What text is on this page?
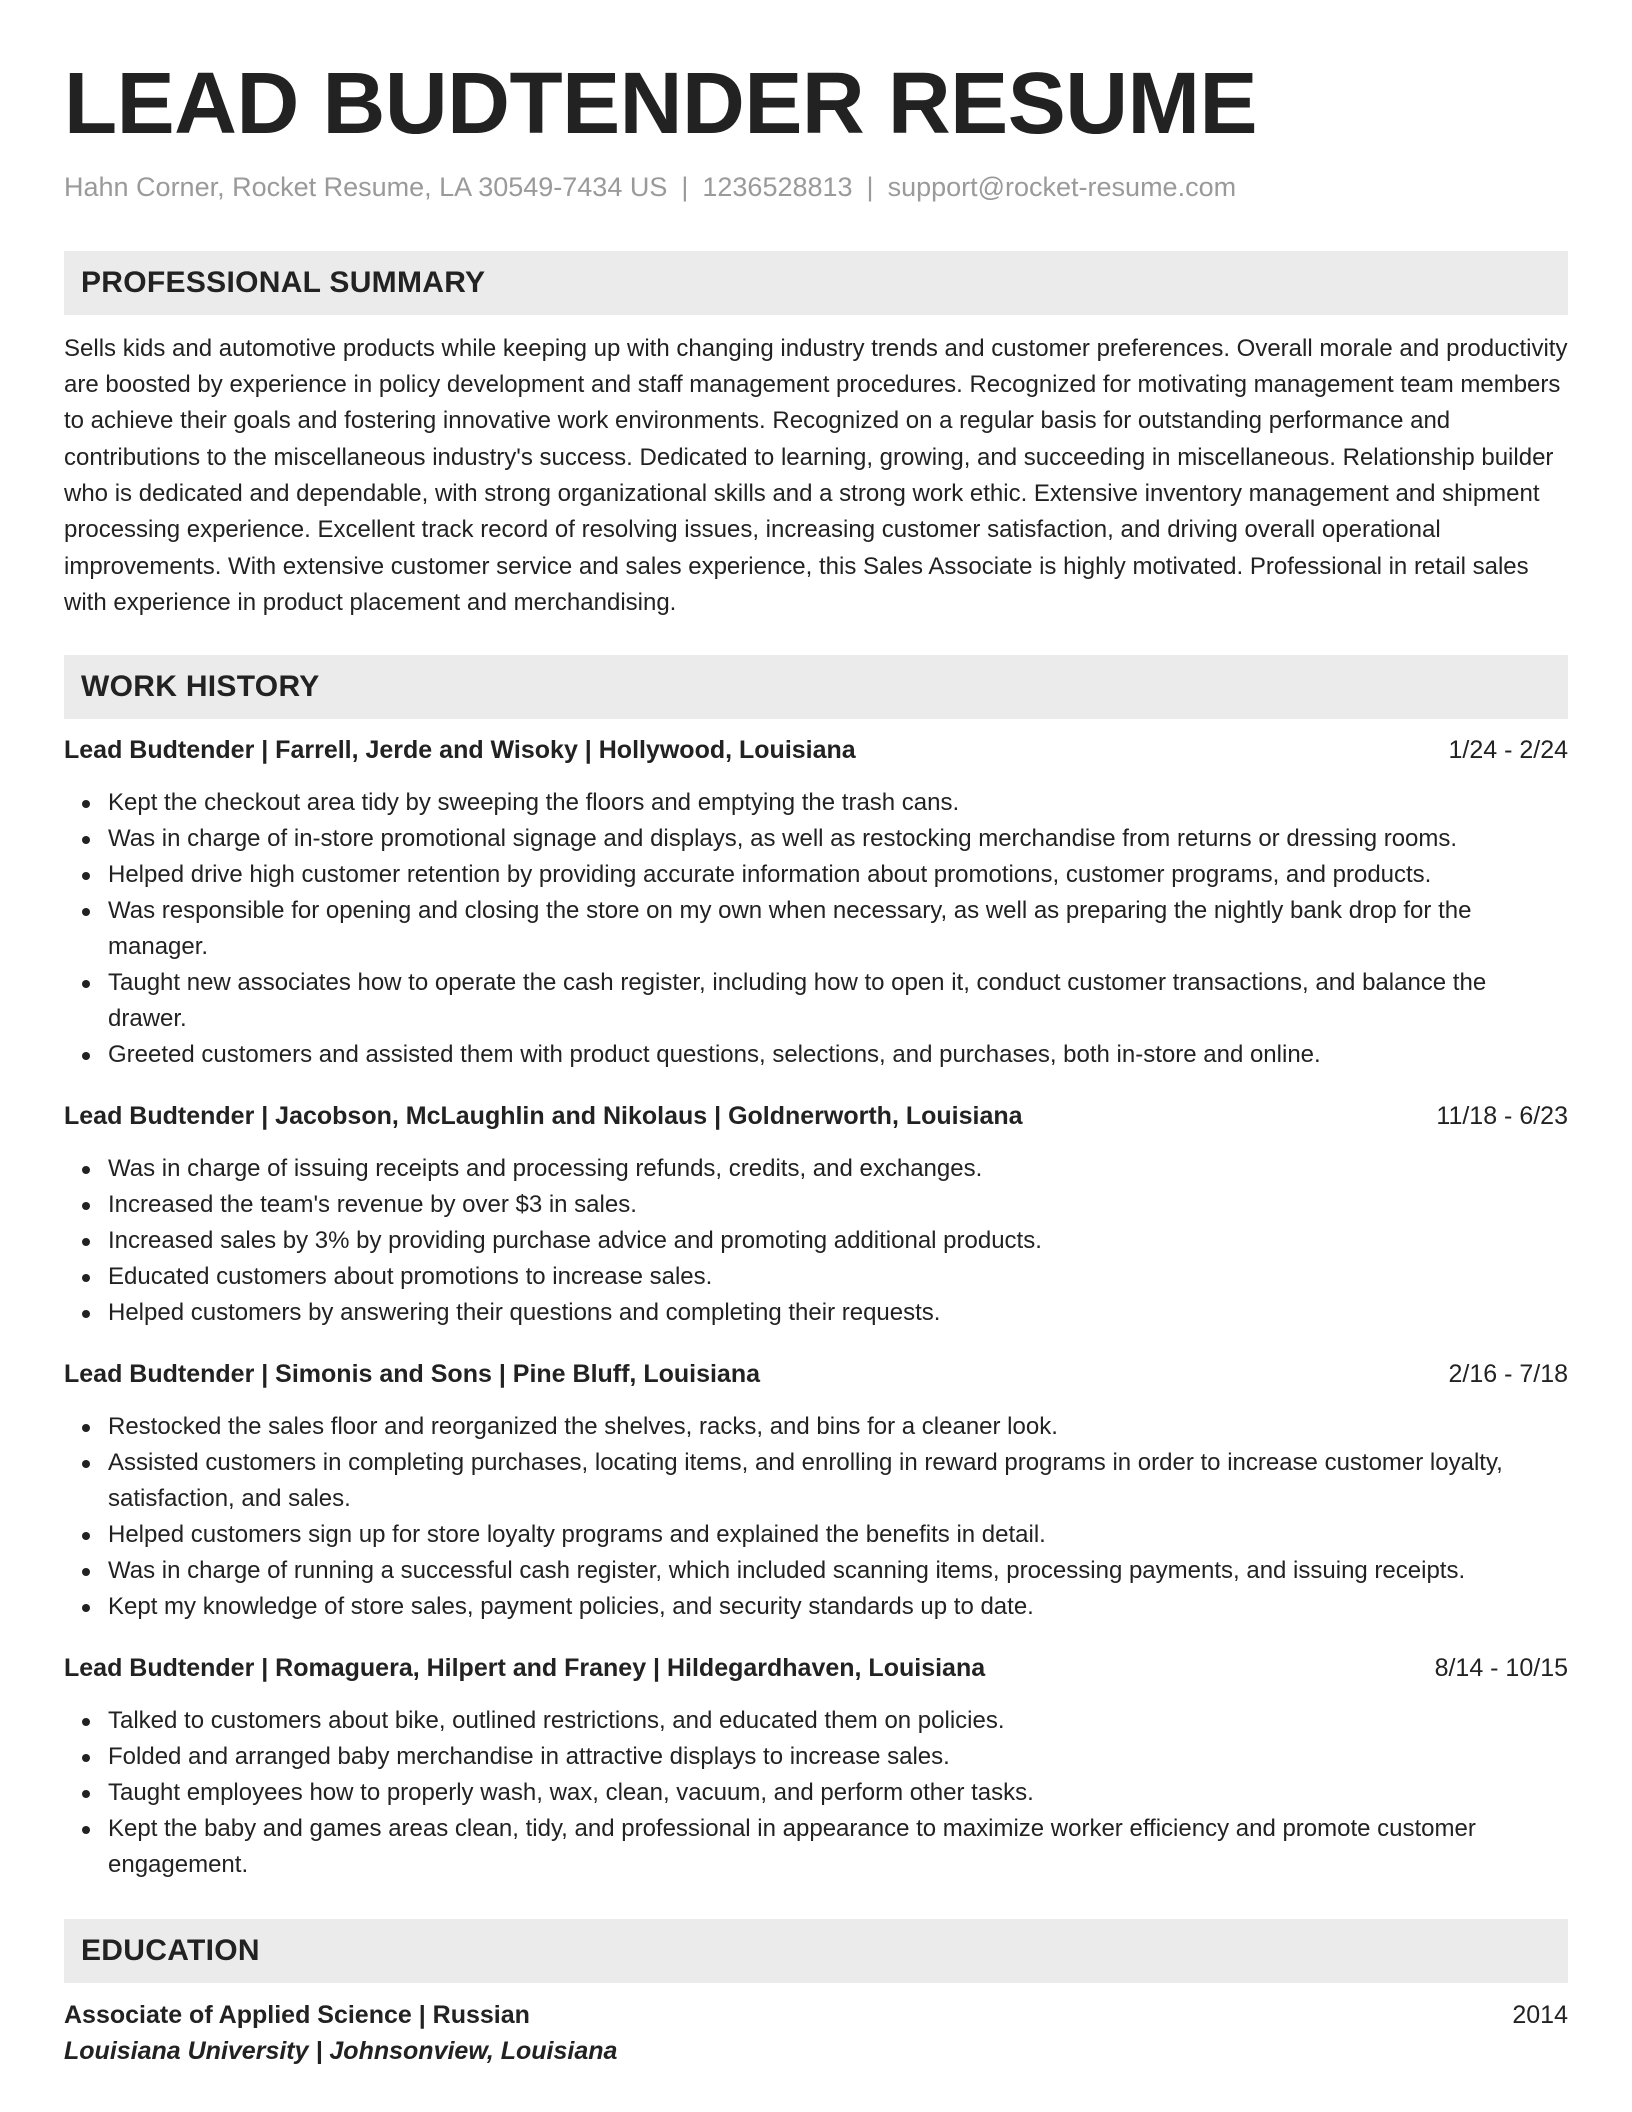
LEAD BUDTENDER RESUME
Hahn Corner, Rocket Resume, LA 30549-7434 US | 1236528813 | support@rocket-resume.com
PROFESSIONAL SUMMARY

Sells kids and automotive products while keeping up with changing industry trends and customer preferences. Overall morale and productivity are boosted by experience in policy development and staff management procedures. Recognized for motivating management team members to achieve their goals and fostering innovative work environments. Recognized on a regular basis for outstanding performance and contributions to the miscellaneous industry's success. Dedicated to learning, growing, and succeeding in miscellaneous. Relationship builder who is dedicated and dependable, with strong organizational skills and a strong work ethic. Extensive inventory management and shipment processing experience. Excellent track record of resolving issues, increasing customer satisfaction, and driving overall operational improvements. With extensive customer service and sales experience, this Sales Associate is highly motivated. Professional in retail sales with experience in product placement and merchandising.

WORK HISTORY
Lead Budtender | Farrell, Jerde and Wisoky | Hollywood, Louisiana	1/24 - 2/24
Kept the checkout area tidy by sweeping the floors and emptying the trash cans.
Was in charge of in-store promotional signage and displays, as well as restocking merchandise from returns or dressing rooms.
Helped drive high customer retention by providing accurate information about promotions, customer programs, and products.
Was responsible for opening and closing the store on my own when necessary, as well as preparing the nightly bank drop for the manager.
Taught new associates how to operate the cash register, including how to open it, conduct customer transactions, and balance the drawer.
Greeted customers and assisted them with product questions, selections, and purchases, both in-store and online.
Lead Budtender | Jacobson, McLaughlin and Nikolaus | Goldnerworth, Louisiana	11/18 - 6/23
Was in charge of issuing receipts and processing refunds, credits, and exchanges.
Increased the team's revenue by over $3 in sales.
Increased sales by 3% by providing purchase advice and promoting additional products.
Educated customers about promotions to increase sales.
Helped customers by answering their questions and completing their requests.
Lead Budtender | Simonis and Sons | Pine Bluff, Louisiana	2/16 - 7/18
Restocked the sales floor and reorganized the shelves, racks, and bins for a cleaner look.
Assisted customers in completing purchases, locating items, and enrolling in reward programs in order to increase customer loyalty, satisfaction, and sales.
Helped customers sign up for store loyalty programs and explained the benefits in detail.
Was in charge of running a successful cash register, which included scanning items, processing payments, and issuing receipts.
Kept my knowledge of store sales, payment policies, and security standards up to date.
Lead Budtender | Romaguera, Hilpert and Franey | Hildegardhaven, Louisiana	8/14 - 10/15
Talked to customers about bike, outlined restrictions, and educated them on policies.
Folded and arranged baby merchandise in attractive displays to increase sales.
Taught employees how to properly wash, wax, clean, vacuum, and perform other tasks.
Kept the baby and games areas clean, tidy, and professional in appearance to maximize worker efficiency and promote customer engagement.
EDUCATION
Associate of Applied Science | Russian	2014
Louisiana University | Johnsonview, Louisiana
